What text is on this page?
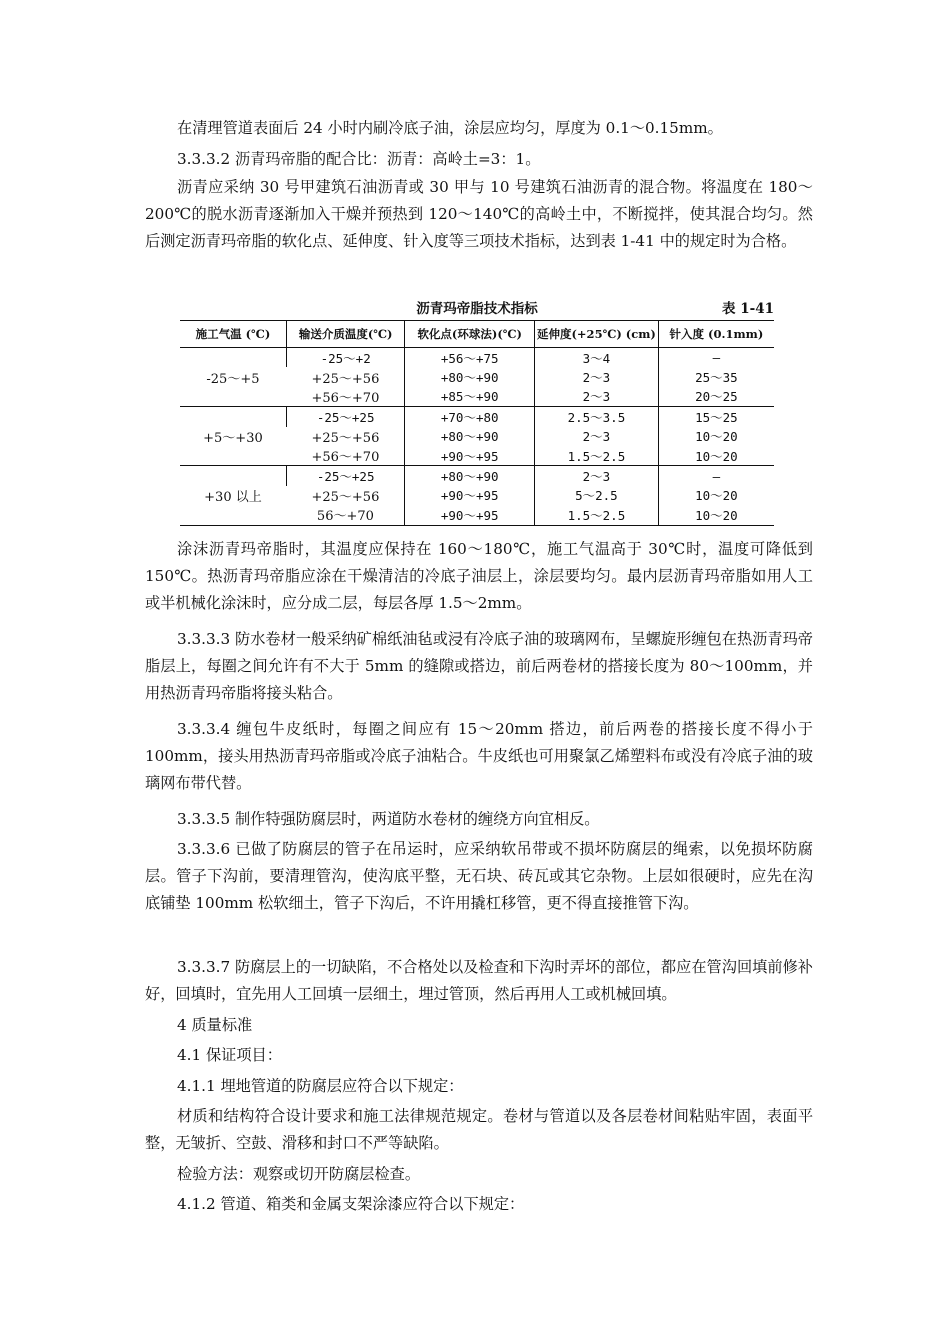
在清理管道表面后 24 小时内刷冷底子油，涂层应均匀，厚度为 0.1～0.15mm。

3.3.3.2 沥青玛帝脂的配合比：沥青：高岭土=3：1。

沥青应采纳 30 号甲建筑石油沥青或 30 甲与 10 号建筑石油沥青的混合物。将温度在 180～200℃的脱水沥青逐渐加入干燥并预热到 120～140℃的高岭土中，不断搅拌，使其混合均匀。然后测定沥青玛帝脂的软化点、延伸度、针入度等三项技术指标，达到表 1-41 中的规定时为合格。

沥青玛帝脂技术指标	表 1-41
施工气温 (℃)	输送介质温度(℃)	软化点(环球法)(℃)	延伸度(+25℃) (cm)	针入度 (0.1mm)
-25～+5	-25～+2	+56～+75	3～4	—
	+25～+56	+80～+90	2～3	25～35
	+56～+70	+85～+90	2～3	20～25
+5～+30	-25～+25	+70～+80	2.5～3.5	15～25
	+25～+56	+80～+90	2～3	10～20
	+56～+70	+90～+95	1.5～2.5	10～20
+30 以上	-25～+25	+80～+90	2～3	—
	+25～+56	+90～+95	5～2.5	10～20
	56～+70	+90～+95	1.5～2.5	10～20

涂沫沥青玛帝脂时，其温度应保持在 160～180℃，施工气温高于 30℃时，温度可降低到 150℃。热沥青玛帝脂应涂在干燥清洁的冷底子油层上，涂层要均匀。最内层沥青玛帝脂如用人工或半机械化涂沫时，应分成二层，每层各厚 1.5～2mm。

3.3.3.3 防水卷材一般采纳矿棉纸油毡或浸有冷底子油的玻璃网布，呈螺旋形缠包在热沥青玛帝脂层上，每圈之间允许有不大于 5mm 的缝隙或搭边，前后两卷材的搭接长度为 80～100mm，并用热沥青玛帝脂将接头粘合。

3.3.3.4 缠包牛皮纸时，每圈之间应有 15～20mm 搭边，前后两卷的搭接长度不得小于 100mm，接头用热沥青玛帝脂或冷底子油粘合。牛皮纸也可用聚氯乙烯塑料布或没有冷底子油的玻璃网布带代替。

3.3.3.5 制作特强防腐层时，两道防水卷材的缠绕方向宜相反。

3.3.3.6 已做了防腐层的管子在吊运时，应采纳软吊带或不损坏防腐层的绳索，以免损坏防腐层。管子下沟前，要清理管沟，使沟底平整，无石块、砖瓦或其它杂物。上层如很硬时，应先在沟底铺垫 100mm 松软细土，管子下沟后，不许用撬杠移管，更不得直接推管下沟。

3.3.3.7 防腐层上的一切缺陷，不合格处以及检查和下沟时弄坏的部位，都应在管沟回填前修补好，回填时，宜先用人工回填一层细土，埋过管顶，然后再用人工或机械回填。

4 质量标准

4.1 保证项目：

4.1.1 埋地管道的防腐层应符合以下规定：

材质和结构符合设计要求和施工法律规范规定。卷材与管道以及各层卷材间粘贴牢固，表面平整，无皱折、空鼓、滑移和封口不严等缺陷。

检验方法：观察或切开防腐层检查。

4.1.2 管道、箱类和金属支架涂漆应符合以下规定：
